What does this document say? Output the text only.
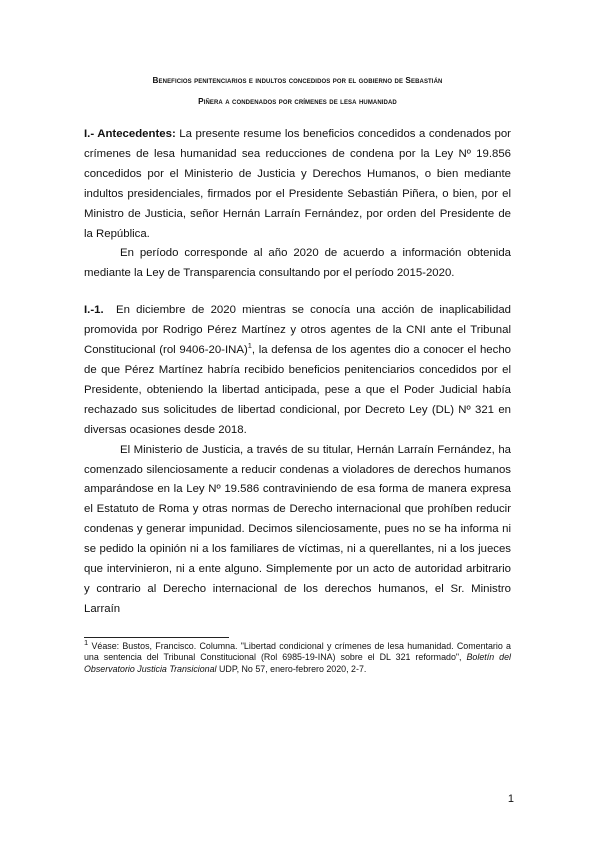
Beneficios penitenciarios e indultos concedidos por el gobierno de Sebastián
Piñera a condenados por crímenes de lesa humanidad

I.- Antecedentes: La presente resume los beneficios concedidos a condenados por crímenes de lesa humanidad sea reducciones de condena por la Ley Nº 19.856 concedidos por el Ministerio de Justicia y Derechos Humanos, o bien mediante indultos presidenciales, firmados por el Presidente Sebastián Piñera, o bien, por el Ministro de Justicia, señor Hernán Larraín Fernández, por orden del Presidente de la República.

En período corresponde al año 2020 de acuerdo a información obtenida mediante la Ley de Transparencia consultando por el período 2015-2020.

I.-1. En diciembre de 2020 mientras se conocía una acción de inaplicabilidad promovida por Rodrigo Pérez Martínez y otros agentes de la CNI ante el Tribunal Constitucional (rol 9406-20-INA)$^1$, la defensa de los agentes dio a conocer el hecho de que Pérez Martínez habría recibido beneficios penitenciarios concedidos por el Presidente, obteniendo la libertad anticipada, pese a que el Poder Judicial había rechazado sus solicitudes de libertad condicional, por Decreto Ley (DL) Nº 321 en diversas ocasiones desde 2018.

El Ministerio de Justicia, a través de su titular, Hernán Larraín Fernández, ha comenzado silenciosamente a reducir condenas a violadores de derechos humanos amparándose en la Ley Nº 19.586 contraviniendo de esa forma de manera expresa el Estatuto de Roma y otras normas de Derecho internacional que prohíben reducir condenas y generar impunidad. Decimos silenciosamente, pues no se ha informa ni se pedido la opinión ni a los familiares de víctimas, ni a querellantes, ni a los jueces que intervinieron, ni a ente alguno. Simplemente por un acto de autoridad arbitrario y contrario al Derecho internacional de los derechos humanos, el Sr. Ministro Larraín

$^1$ Véase: Bustos, Francisco. Columna. "Libertad condicional y crímenes de lesa humanidad. Comentario a una sentencia del Tribunal Constitucional (Rol 6985-19-INA) sobre el DL 321 reformado", Boletín del Observatorio Justicia Transicional UDP, No 57, enero-febrero 2020, 2-7.
1
